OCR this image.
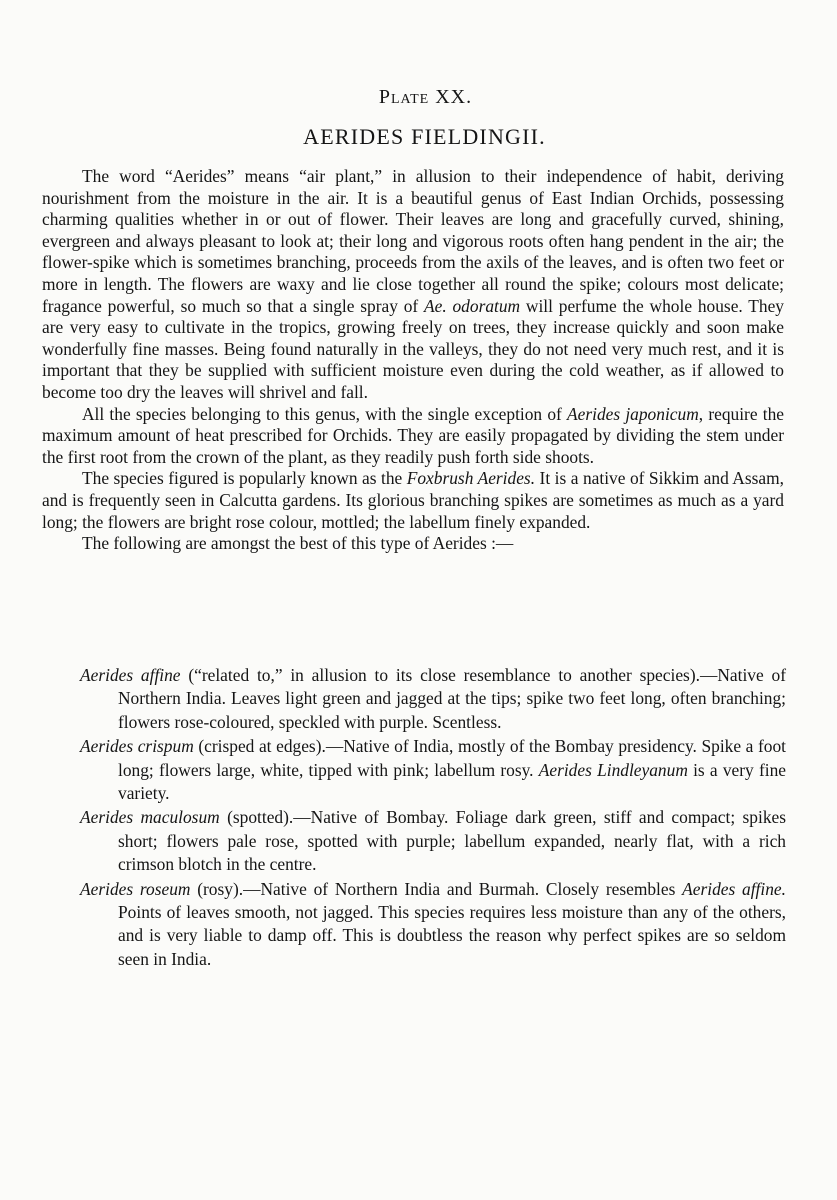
Plate XX.
AERIDES FIELDINGII.

The word “Aerides” means “air plant,” in allusion to their independence of habit, deriving nourishment from the moisture in the air. It is a beautiful genus of East Indian Orchids, possessing charming qualities whether in or out of flower. Their leaves are long and gracefully curved, shining, evergreen and always pleasant to look at; their long and vigorous roots often hang pendent in the air; the flower-spike which is sometimes branching, proceeds from the axils of the leaves, and is often two feet or more in length. The flowers are waxy and lie close together all round the spike; colours most delicate; fragance powerful, so much so that a single spray of Ae. odoratum will perfume the whole house. They are very easy to cultivate in the tropics, growing freely on trees, they increase quickly and soon make wonderfully fine masses. Being found naturally in the valleys, they do not need very much rest, and it is important that they be supplied with sufficient moisture even during the cold weather, as if allowed to become too dry the leaves will shrivel and fall.

All the species belonging to this genus, with the single exception of Aerides japonicum, require the maximum amount of heat prescribed for Orchids. They are easily propagated by dividing the stem under the first root from the crown of the plant, as they readily push forth side shoots.

The species figured is popularly known as the Foxbrush Aerides. It is a native of Sikkim and Assam, and is frequently seen in Calcutta gardens. Its glorious branching spikes are sometimes as much as a yard long; the flowers are bright rose colour, mottled; the labellum finely expanded.

The following are amongst the best of this type of Aerides :—

Aerides affine (“related to,” in allusion to its close resemblance to another species).—Native of Northern India. Leaves light green and jagged at the tips; spike two feet long, often branching; flowers rose-coloured, speckled with purple. Scentless.
Aerides crispum (crisped at edges).—Native of India, mostly of the Bombay presidency. Spike a foot long; flowers large, white, tipped with pink; labellum rosy. Aerides Lindleyanum is a very fine variety.
Aerides maculosum (spotted).—Native of Bombay. Foliage dark green, stiff and compact; spikes short; flowers pale rose, spotted with purple; labellum expanded, nearly flat, with a rich crimson blotch in the centre.
Aerides roseum (rosy).—Native of Northern India and Burmah. Closely resembles Aerides affine. Points of leaves smooth, not jagged. This species requires less moisture than any of the others, and is very liable to damp off. This is doubtless the reason why perfect spikes are so seldom seen in India.
